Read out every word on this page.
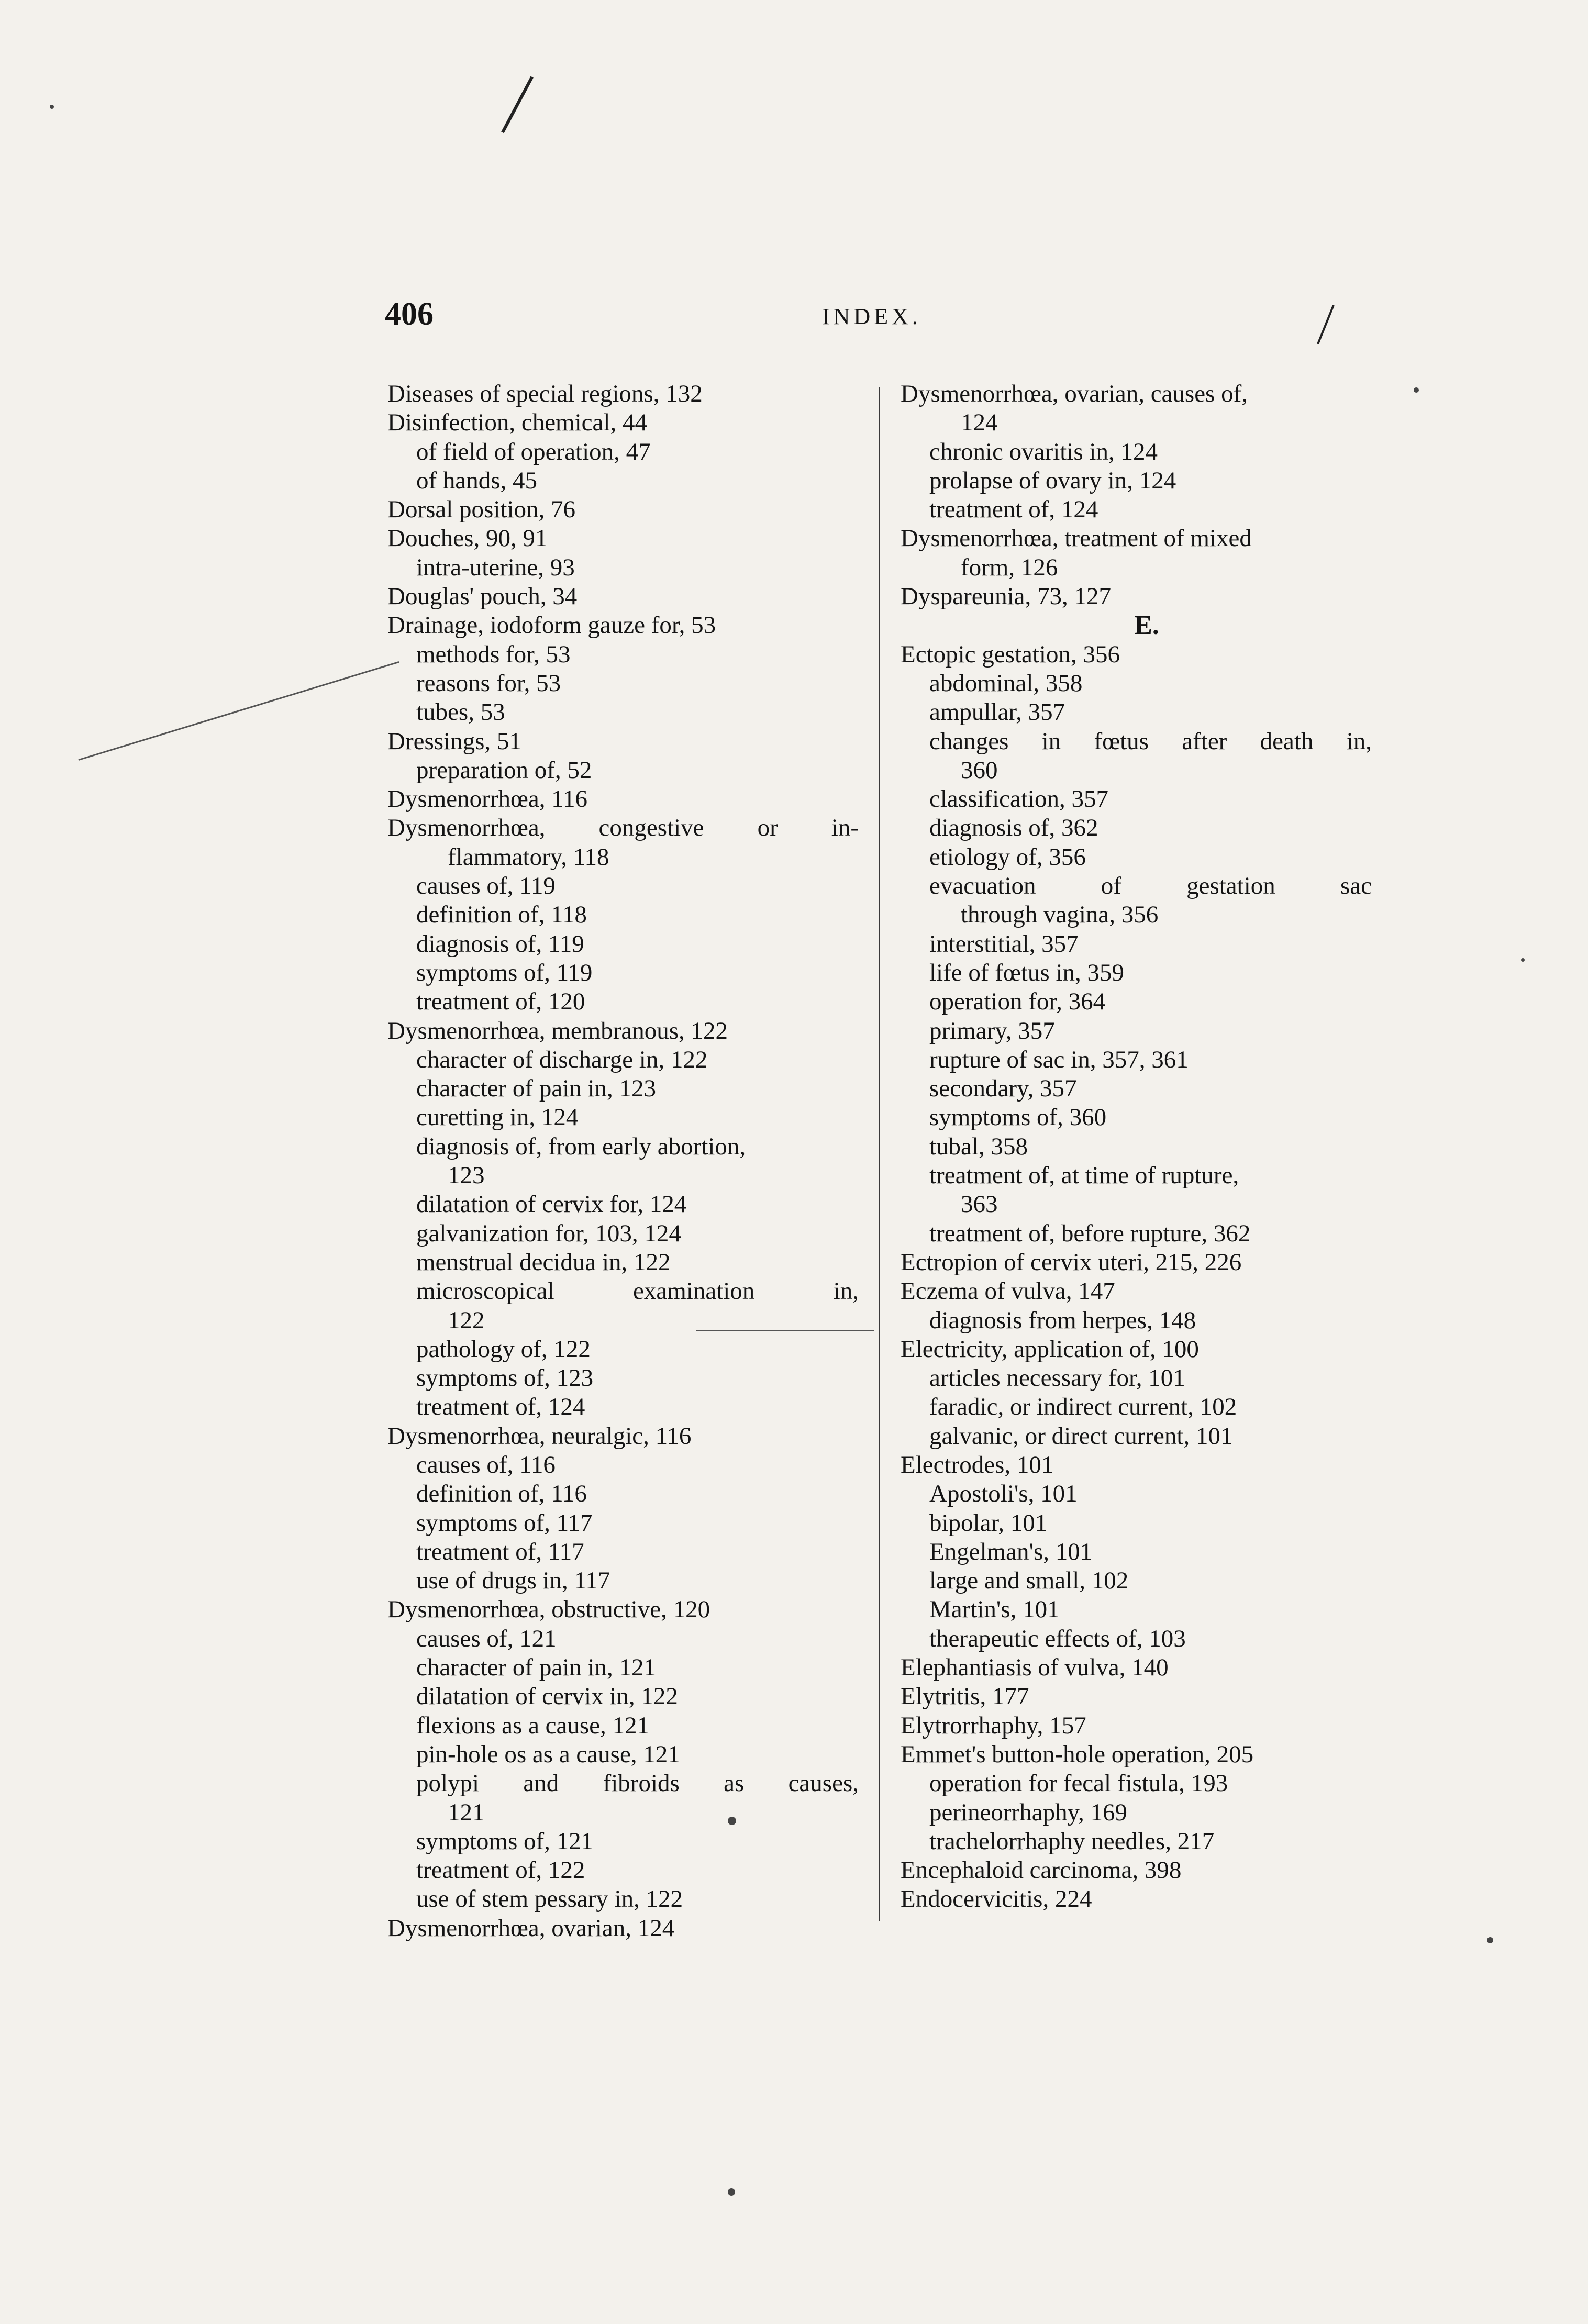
406	INDEX.
Diseases of special regions, 132
Disinfection, chemical, 44
of field of operation, 47
of hands, 45
Dorsal position, 76
Douches, 90, 91
intra-uterine, 93
Douglas' pouch, 34
Drainage, iodoform gauze for, 53
methods for, 53
reasons for, 53
tubes, 53
Dressings, 51
preparation of, 52
Dysmenorrhœa, 116
Dysmenorrhœa, congestive or in-
flammatory, 118
causes of, 119
definition of, 118
diagnosis of, 119
symptoms of, 119
treatment of, 120
Dysmenorrhœa, membranous, 122
character of discharge in, 122
character of pain in, 123
curetting in, 124
diagnosis of, from early abortion,
123
dilatation of cervix for, 124
galvanization for, 103, 124
menstrual decidua in, 122
microscopical examination in,
122
pathology of, 122
symptoms of, 123
treatment of, 124
Dysmenorrhœa, neuralgic, 116
causes of, 116
definition of, 116
symptoms of, 117
treatment of, 117
use of drugs in, 117
Dysmenorrhœa, obstructive, 120
causes of, 121
character of pain in, 121
dilatation of cervix in, 122
flexions as a cause, 121
pin-hole os as a cause, 121
polypi and fibroids as causes,
121
symptoms of, 121
treatment of, 122
use of stem pessary in, 122
Dysmenorrhœa, ovarian, 124
Dysmenorrhœa, ovarian, causes of,
124
chronic ovaritis in, 124
prolapse of ovary in, 124
treatment of, 124
Dysmenorrhœa, treatment of mixed
form, 126
Dyspareunia, 73, 127
E.
Ectopic gestation, 356
abdominal, 358
ampullar, 357
changes in fœtus after death in,
360
classification, 357
diagnosis of, 362
etiology of, 356
evacuation of gestation sac
through vagina, 356
interstitial, 357
life of fœtus in, 359
operation for, 364
primary, 357
rupture of sac in, 357, 361
secondary, 357
symptoms of, 360
tubal, 358
treatment of, at time of rupture,
363
treatment of, before rupture, 362
Ectropion of cervix uteri, 215, 226
Eczema of vulva, 147
diagnosis from herpes, 148
Electricity, application of, 100
articles necessary for, 101
faradic, or indirect current, 102
galvanic, or direct current, 101
Electrodes, 101
Apostoli's, 101
bipolar, 101
Engelman's, 101
large and small, 102
Martin's, 101
therapeutic effects of, 103
Elephantiasis of vulva, 140
Elytritis, 177
Elytrorrhaphy, 157
Emmet's button-hole operation, 205
operation for fecal fistula, 193
perineorrhaphy, 169
trachelorrhaphy needles, 217
Encephaloid carcinoma, 398
Endocervicitis, 224
